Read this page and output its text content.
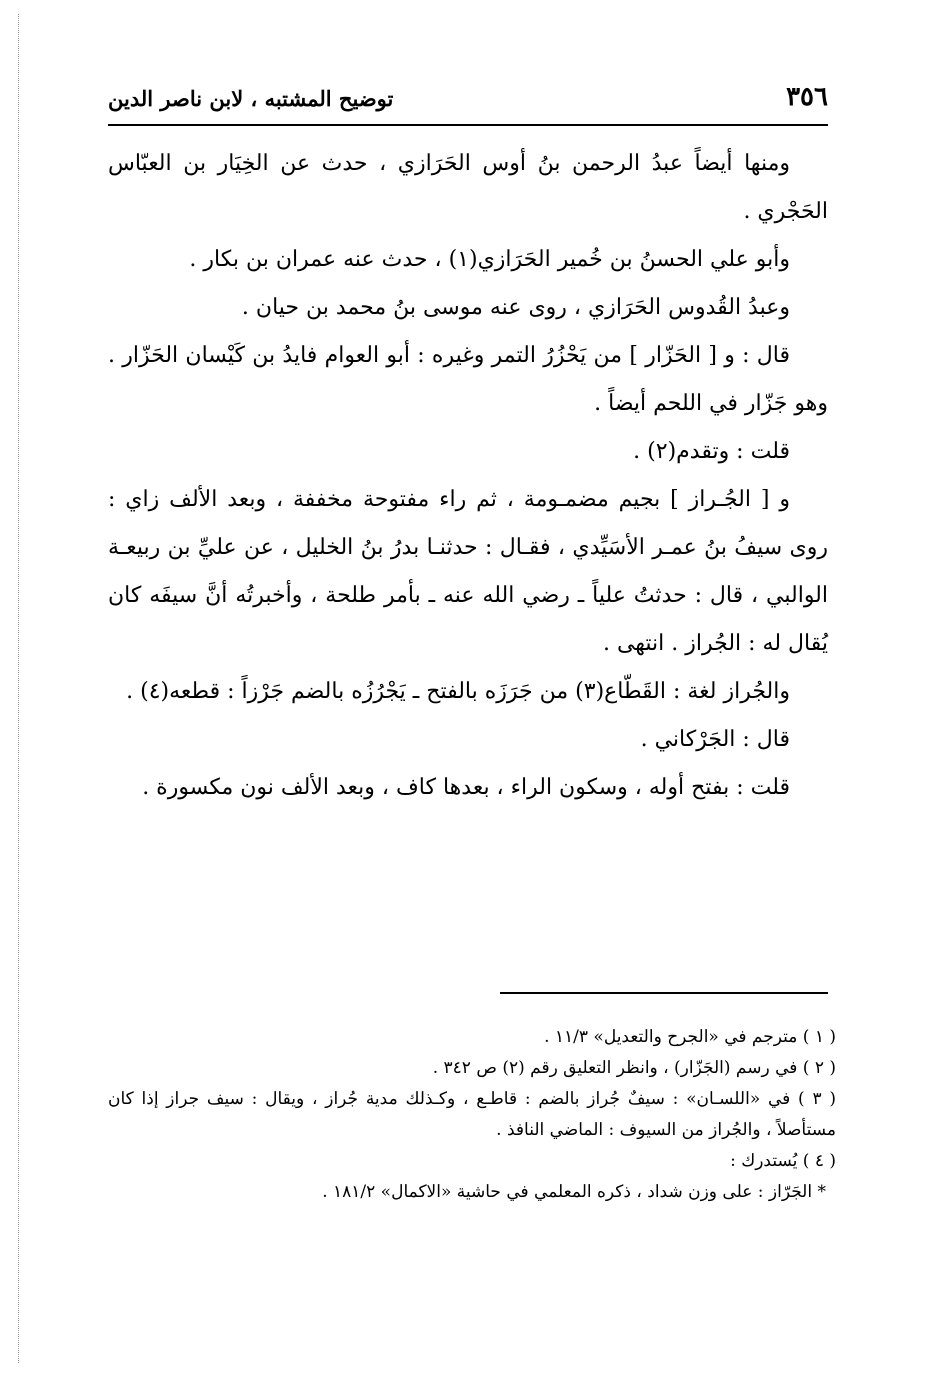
٣٥٦
توضيح المشتبه ، لابن ناصر الدين

ومنها أيضاً عبدُ الرحمن بنُ أوس الحَرَازي ، حدث عن الخِيَار بن العبّاس الحَجْري .

وأبو علي الحسنُ بن خُمير الحَرَازي(١) ، حدث عنه عمران بن بكار .

وعبدُ القُدوس الحَرَازي ، روى عنه موسى بنُ محمد بن حيان .

قال : و [ الحَزّار ] من يَحْزُرُ التمر وغيره : أبو العوام فايدُ بن كَيْسان الحَزّار . وهو جَزّار في اللحم أيضاً .

قلت : وتقدم(٢) .

و [ الجُـراز ] بجيم مضمـومة ، ثم راء مفتوحة مخففة ، وبعد الألف زاي : روى سيفُ بنُ عمـر الأسَيِّدي ، فقـال : حدثنـا بدرُ بنُ الخليل ، عن عليِّ بن ربيعـة الوالبي ، قال : حدثتُ علياً ـ رضي الله عنه ـ بأمر طلحة ، وأخبرتُه أنَّ سيفَه كان يُقال له : الجُراز . انتهى .

والجُراز لغة : القَطّاع(٣) من جَرَزَه بالفتح ـ يَجْرُزُه بالضم جَرْزاً : قطعه(٤) .

قال : الجَرْكاني .

قلت : بفتح أوله ، وسكون الراء ، بعدها كاف ، وبعد الألف نون مكسورة .

( ١ ) مترجم في «الجرح والتعديل» ١١/٣ .

( ٢ ) في رسم (الجَزّار) ، وانظر التعليق رقم (٢) ص ٣٤٢ .

( ٣ ) في «اللسـان» : سيفٌ جُراز بالضم : قاطـع ، وكـذلك مدية جُراز ، ويقال : سيف جراز إذا كان مستأصلاً ، والجُراز من السيوف : الماضي النافذ .

( ٤ ) يُستدرك :

* الجَرّاز : على وزن شداد ، ذكره المعلمي في حاشية «الاكمال» ١٨١/٢ .
